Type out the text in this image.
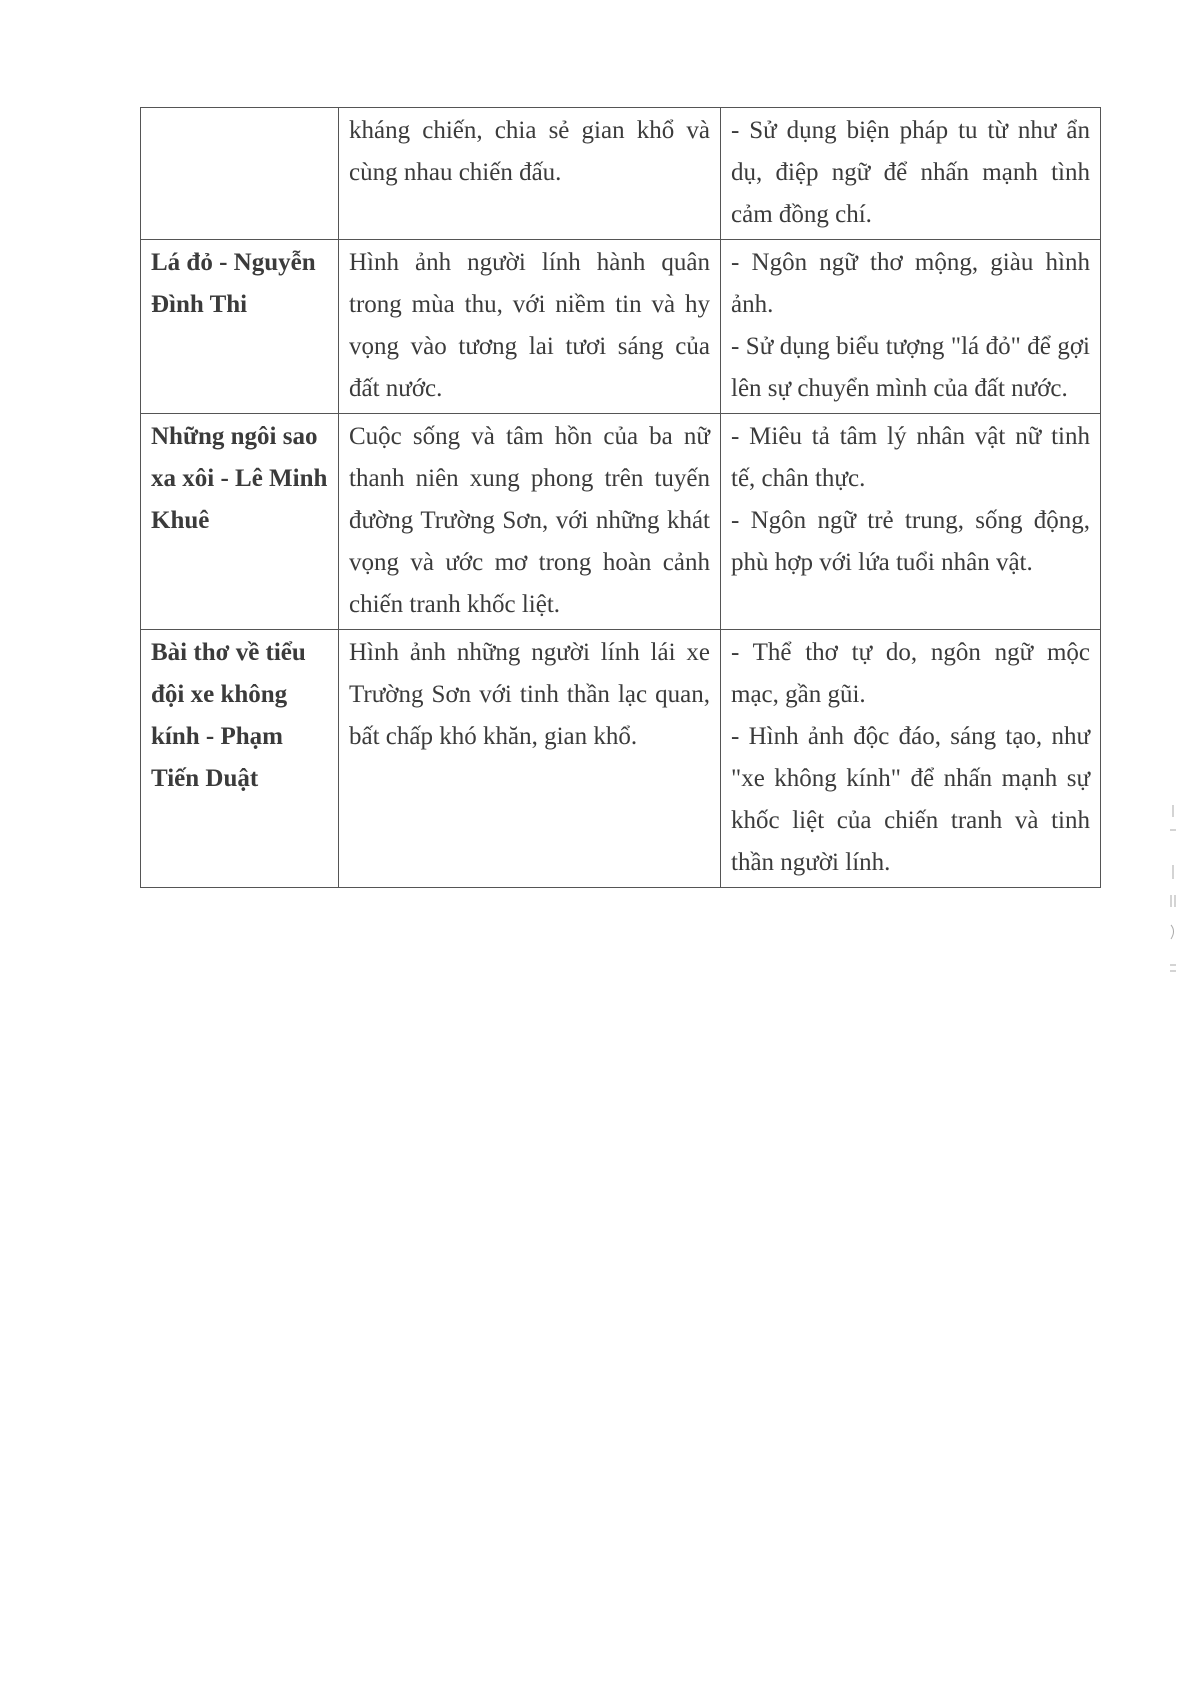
	kháng chiến, chia sẻ gian khổ và cùng nhau chiến đấu.	- Sử dụng biện pháp tu từ như ẩn dụ, điệp ngữ để nhấn mạnh tình cảm đồng chí.

Lá đỏ - Nguyễn Đình Thi	Hình ảnh người lính hành quân trong mùa thu, với niềm tin và hy vọng vào tương lai tươi sáng của đất nước.	- Ngôn ngữ thơ mộng, giàu hình ảnh.
- Sử dụng biểu tượng "lá đỏ" để gợi lên sự chuyển mình của đất nước.

Những ngôi sao xa xôi - Lê Minh Khuê	Cuộc sống và tâm hồn của ba nữ thanh niên xung phong trên tuyến đường Trường Sơn, với những khát vọng và ước mơ trong hoàn cảnh chiến tranh khốc liệt.	- Miêu tả tâm lý nhân vật nữ tinh tế, chân thực.
- Ngôn ngữ trẻ trung, sống động, phù hợp với lứa tuổi nhân vật.

Bài thơ về tiểu đội xe không kính - Phạm Tiến Duật	Hình ảnh những người lính lái xe Trường Sơn với tinh thần lạc quan, bất chấp khó khăn, gian khổ.	- Thể thơ tự do, ngôn ngữ mộc mạc, gần gũi.
- Hình ảnh độc đáo, sáng tạo, như "xe không kính" để nhấn mạnh sự khốc liệt của chiến tranh và tinh thần người lính.
